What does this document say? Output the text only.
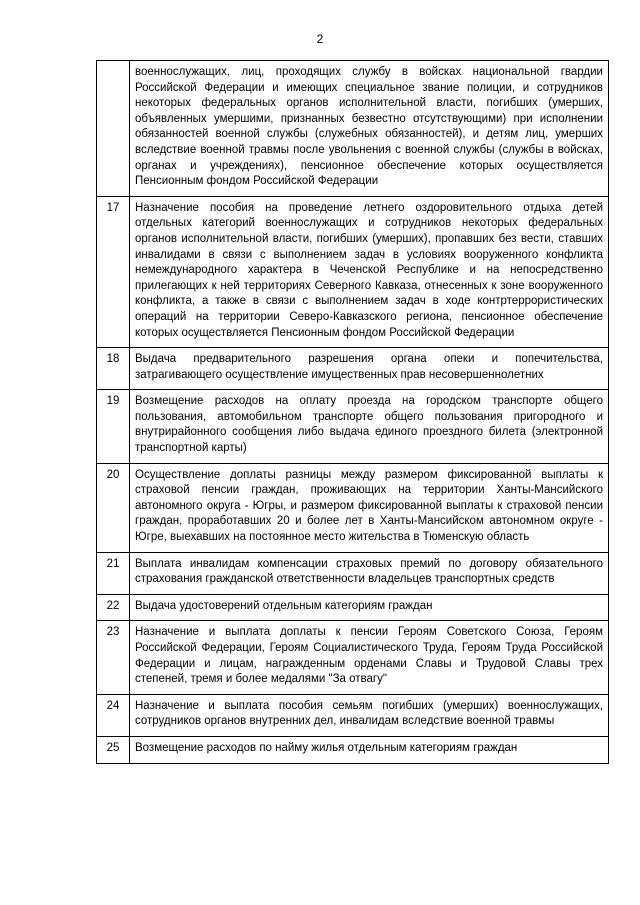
2
	военнослужащих, лиц, проходящих службу в войсках национальной гвардии Российской Федерации и имеющих специальное звание полиции, и сотрудников некоторых федеральных органов исполнительной власти, погибших (умерших, объявленных умершими, признанных безвестно отсутствующими) при исполнении обязанностей военной службы (служебных обязанностей), и детям лиц, умерших вследствие военной травмы после увольнения с военной службы (службы в войсках, органах и учреждениях), пенсионное обеспечение которых осуществляется Пенсионным фондом Российской Федерации
17	Назначение пособия на проведение летнего оздоровительного отдыха детей отдельных категорий военнослужащих и сотрудников некоторых федеральных органов исполнительной власти, погибших (умерших), пропавших без вести, ставших инвалидами в связи с выполнением задач в условиях вооруженного конфликта немеждународного характера в Чеченской Республике и на непосредственно прилегающих к ней территориях Северного Кавказа, отнесенных к зоне вооруженного конфликта, а также в связи с выполнением задач в ходе контртеррористических операций на территории Северо-Кавказского региона, пенсионное обеспечение которых осуществляется Пенсионным фондом Российской Федерации
18	Выдача предварительного разрешения органа опеки и попечительства, затрагивающего осуществление имущественных прав несовершеннолетних
19	Возмещение расходов на оплату проезда на городском транспорте общего пользования, автомобильном транспорте общего пользования пригородного и внутрирайонного сообщения либо выдача единого проездного билета (электронной транспортной карты)
20	Осуществление доплаты разницы между размером фиксированной выплаты к страховой пенсии граждан, проживающих на территории Ханты-Мансийского автономного округа - Югры, и размером фиксированной выплаты к страховой пенсии граждан, проработавших 20 и более лет в Ханты-Мансийском автономном округе - Югре, выехавших на постоянное место жительства в Тюменскую область
21	Выплата инвалидам компенсации страховых премий по договору обязательного страхования гражданской ответственности владельцев транспортных средств
22	Выдача удостоверений отдельным категориям граждан
23	Назначение и выплата доплаты к пенсии Героям Советского Союза, Героям Российской Федерации, Героям Социалистического Труда, Героям Труда Российской Федерации и лицам, награжденным орденами Славы и Трудовой Славы трех степеней, тремя и более медалями "За отвагу"
24	Назначение и выплата пособия семьям погибших (умерших) военнослужащих, сотрудников органов внутренних дел, инвалидам вследствие военной травмы
25	Возмещение расходов по найму жилья отдельным категориям граждан
